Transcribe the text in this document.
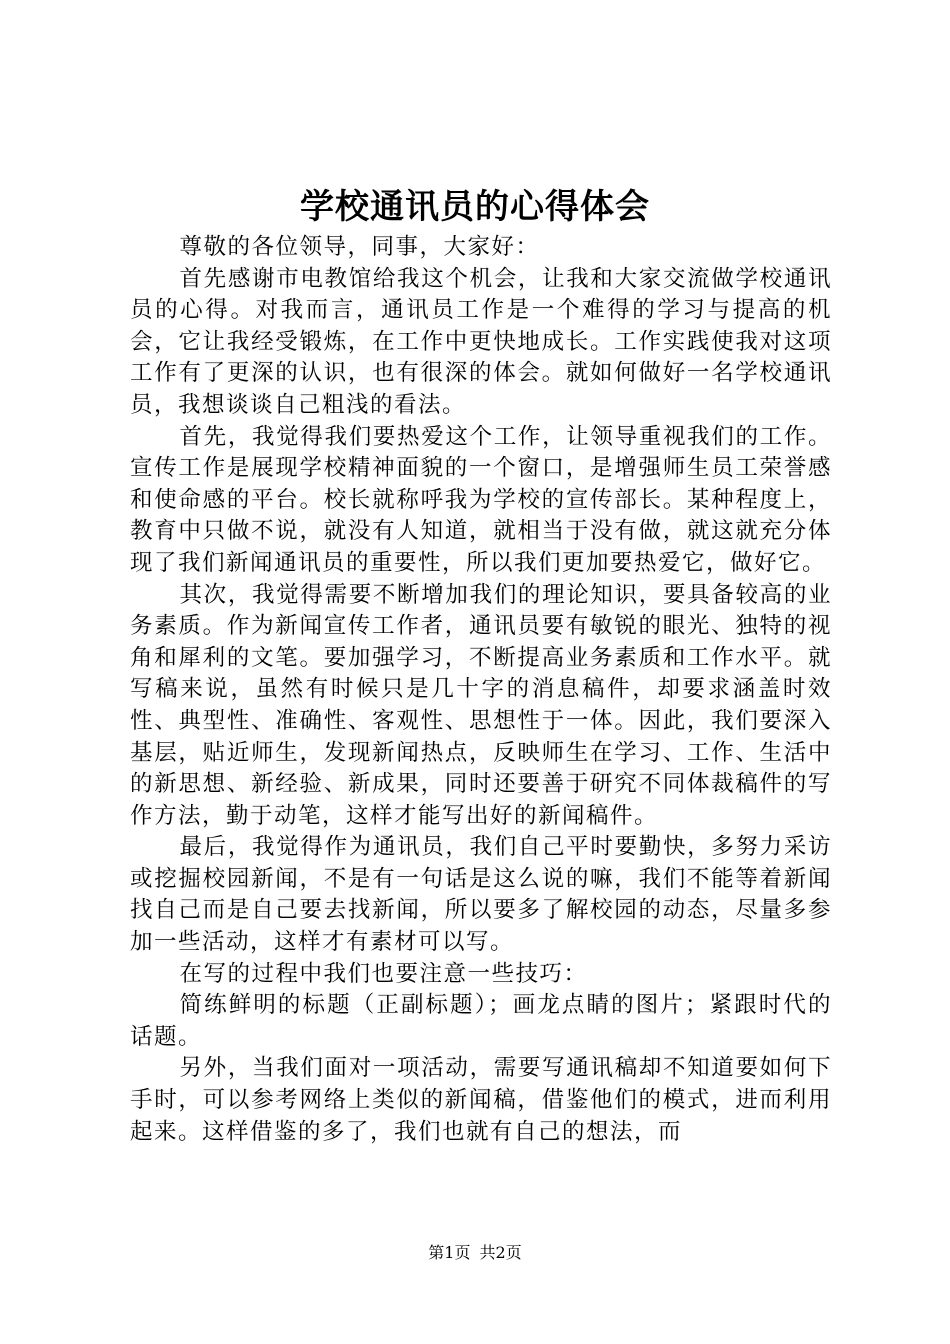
学校通讯员的心得体会

尊敬的各位领导，同事，大家好：

首先感谢市电教馆给我这个机会，让我和大家交流做学校通讯员的心得。对我而言，通讯员工作是一个难得的学习与提高的机会，它让我经受锻炼，在工作中更快地成长。工作实践使我对这项工作有了更深的认识，也有很深的体会。就如何做好一名学校通讯员，我想谈谈自己粗浅的看法。

首先，我觉得我们要热爱这个工作，让领导重视我们的工作。宣传工作是展现学校精神面貌的一个窗口，是增强师生员工荣誉感和使命感的平台。校长就称呼我为学校的宣传部长。某种程度上，教育中只做不说，就没有人知道，就相当于没有做，就这就充分体现了我们新闻通讯员的重要性，所以我们更加要热爱它，做好它。

其次，我觉得需要不断增加我们的理论知识，要具备较高的业务素质。作为新闻宣传工作者，通讯员要有敏锐的眼光、独特的视角和犀利的文笔。要加强学习，不断提高业务素质和工作水平。就写稿来说，虽然有时候只是几十字的消息稿件，却要求涵盖时效性、典型性、准确性、客观性、思想性于一体。因此，我们要深入基层，贴近师生，发现新闻热点，反映师生在学习、工作、生活中的新思想、新经验、新成果，同时还要善于研究不同体裁稿件的写作方法，勤于动笔，这样才能写出好的新闻稿件。

最后，我觉得作为通讯员，我们自己平时要勤快，多努力采访或挖掘校园新闻，不是有一句话是这么说的嘛，我们不能等着新闻找自己而是自己要去找新闻，所以要多了解校园的动态，尽量多参加一些活动，这样才有素材可以写。

在写的过程中我们也要注意一些技巧：

简练鲜明的标题（正副标题）；画龙点睛的图片；紧跟时代的话题。

另外，当我们面对一项活动，需要写通讯稿却不知道要如何下手时，可以参考网络上类似的新闻稿，借鉴他们的模式，进而利用起来。这样借鉴的多了，我们也就有自己的想法，而

第1页 共2页
